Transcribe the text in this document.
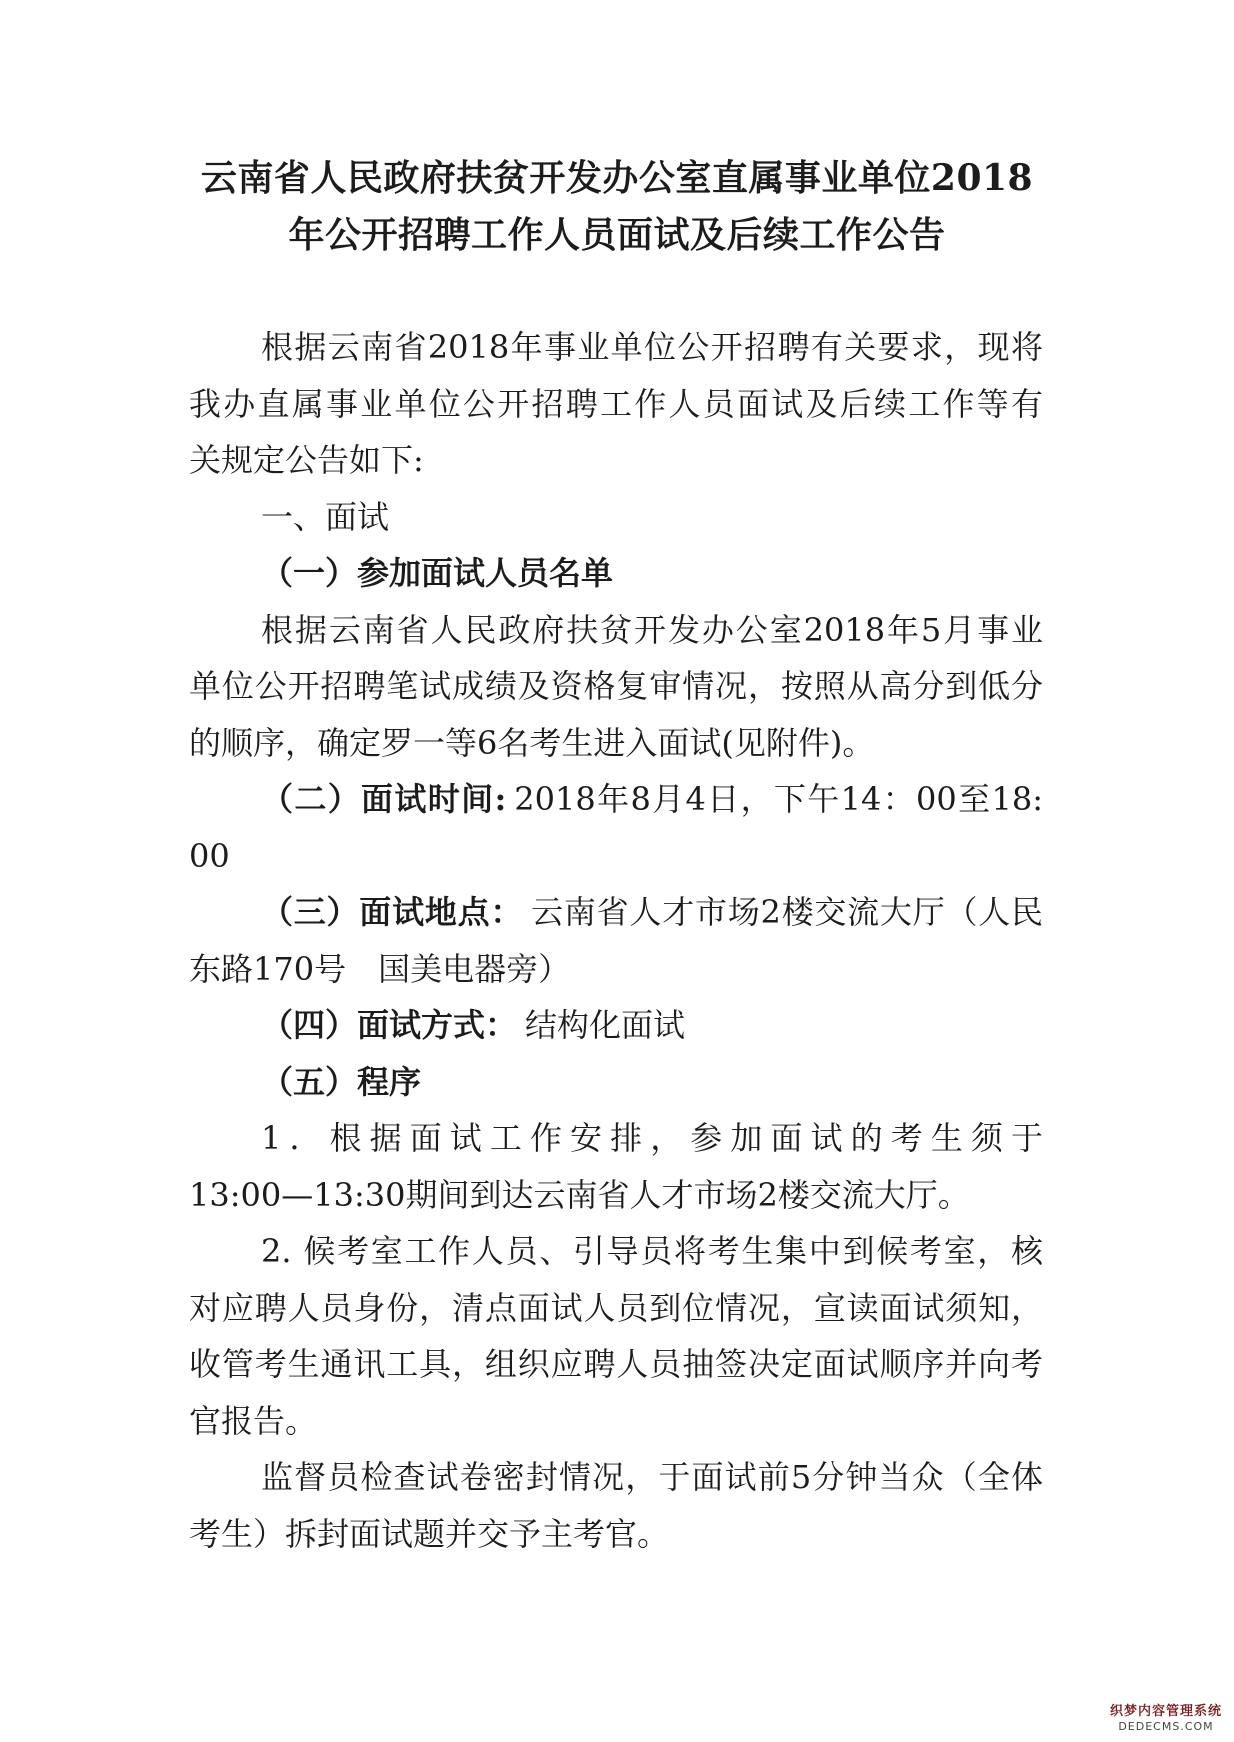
云南省人民政府扶贫开发办公室直属事业单位2018
年公开招聘工作人员面试及后续工作公告
根据云南省2018年事业单位公开招聘有关要求，现将
我办直属事业单位公开招聘工作人员面试及后续工作等有
关规定公告如下:
一、面试
（一）参加面试人员名单
根据云南省人民政府扶贫开发办公室2018年5月事业
单位公开招聘笔试成绩及资格复审情况，按照从高分到低分
的顺序，确定罗一等6名考生进入面试(见附件)。
（二）面试时间: 2018年8月4日，下午14：00至18:
00
（三）面试地点： 云南省人才市场2楼交流大厅（人民
东路170号　国美电器旁）
（四）面试方式： 结构化面试
（五）程序
1．根据面试工作安排，参加面试的考生须于
13:00—13:30期间到达云南省人才市场2楼交流大厅。
2. 候考室工作人员、引导员将考生集中到候考室，核
对应聘人员身份，清点面试人员到位情况，宣读面试须知，
收管考生通讯工具，组织应聘人员抽签决定面试顺序并向考
官报告。
监督员检查试卷密封情况，于面试前5分钟当众（全体
考生）拆封面试题并交予主考官。
织梦内容管理系统
DEDECMS.COM
